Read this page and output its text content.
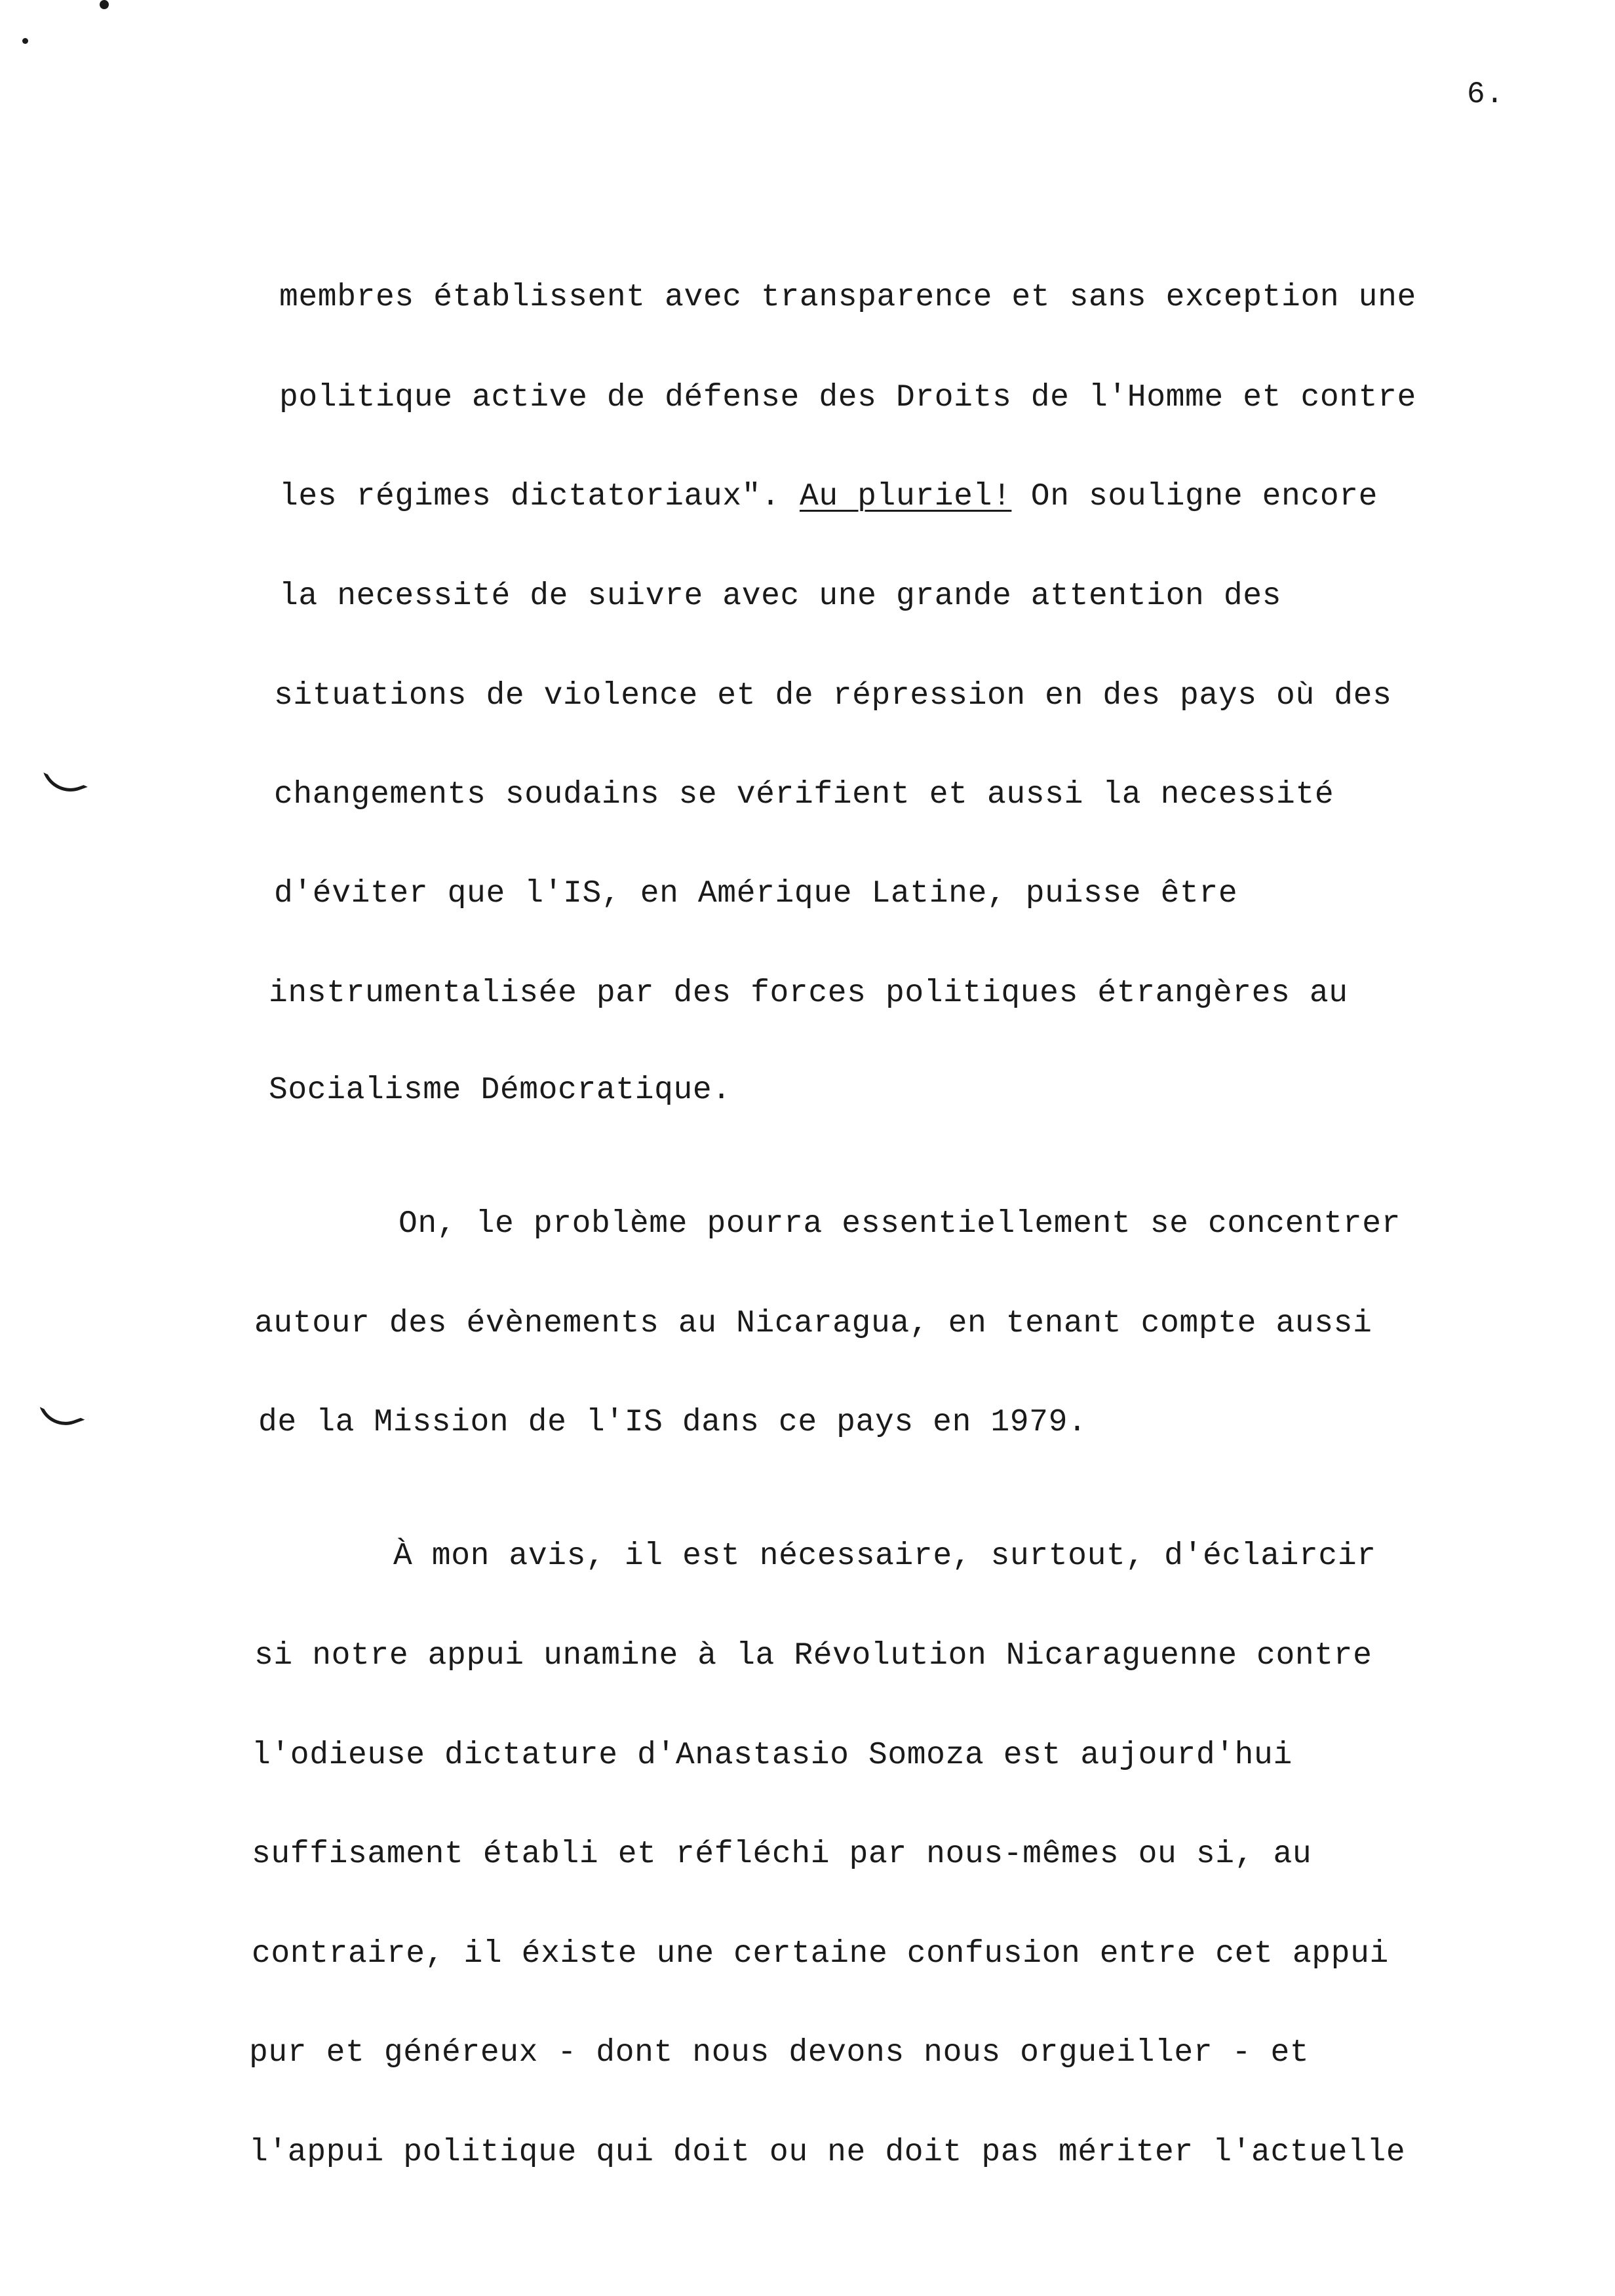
6.
membres établissent avec transparence et sans exception une
politique active de défense des Droits de l'Homme et contre
les régimes dictatoriaux". Au pluriel! On souligne encore
la necessité de suivre avec une grande attention des
situations de violence et de répression en des pays où des
changements soudains se vérifient et aussi la necessité
d'éviter que l'IS, en Amérique Latine, puisse être
instrumentalisée par des forces politiques étrangères au
Socialisme Démocratique.
On, le problème pourra essentiellement se concentrer
autour des évènements au Nicaragua, en tenant compte aussi
de la Mission de l'IS dans ce pays en 1979.
À mon avis, il est nécessaire, surtout, d'éclaircir
si notre appui unamine à la Révolution Nicaraguenne contre
l'odieuse dictature d'Anastasio Somoza est aujourd'hui
suffisament établi et réfléchi par nous-mêmes ou si, au
contraire, il éxiste une certaine confusion entre cet appui
pur et généreux - dont nous devons nous orgueiller - et
l'appui politique qui doit ou ne doit pas mériter l'actuelle
